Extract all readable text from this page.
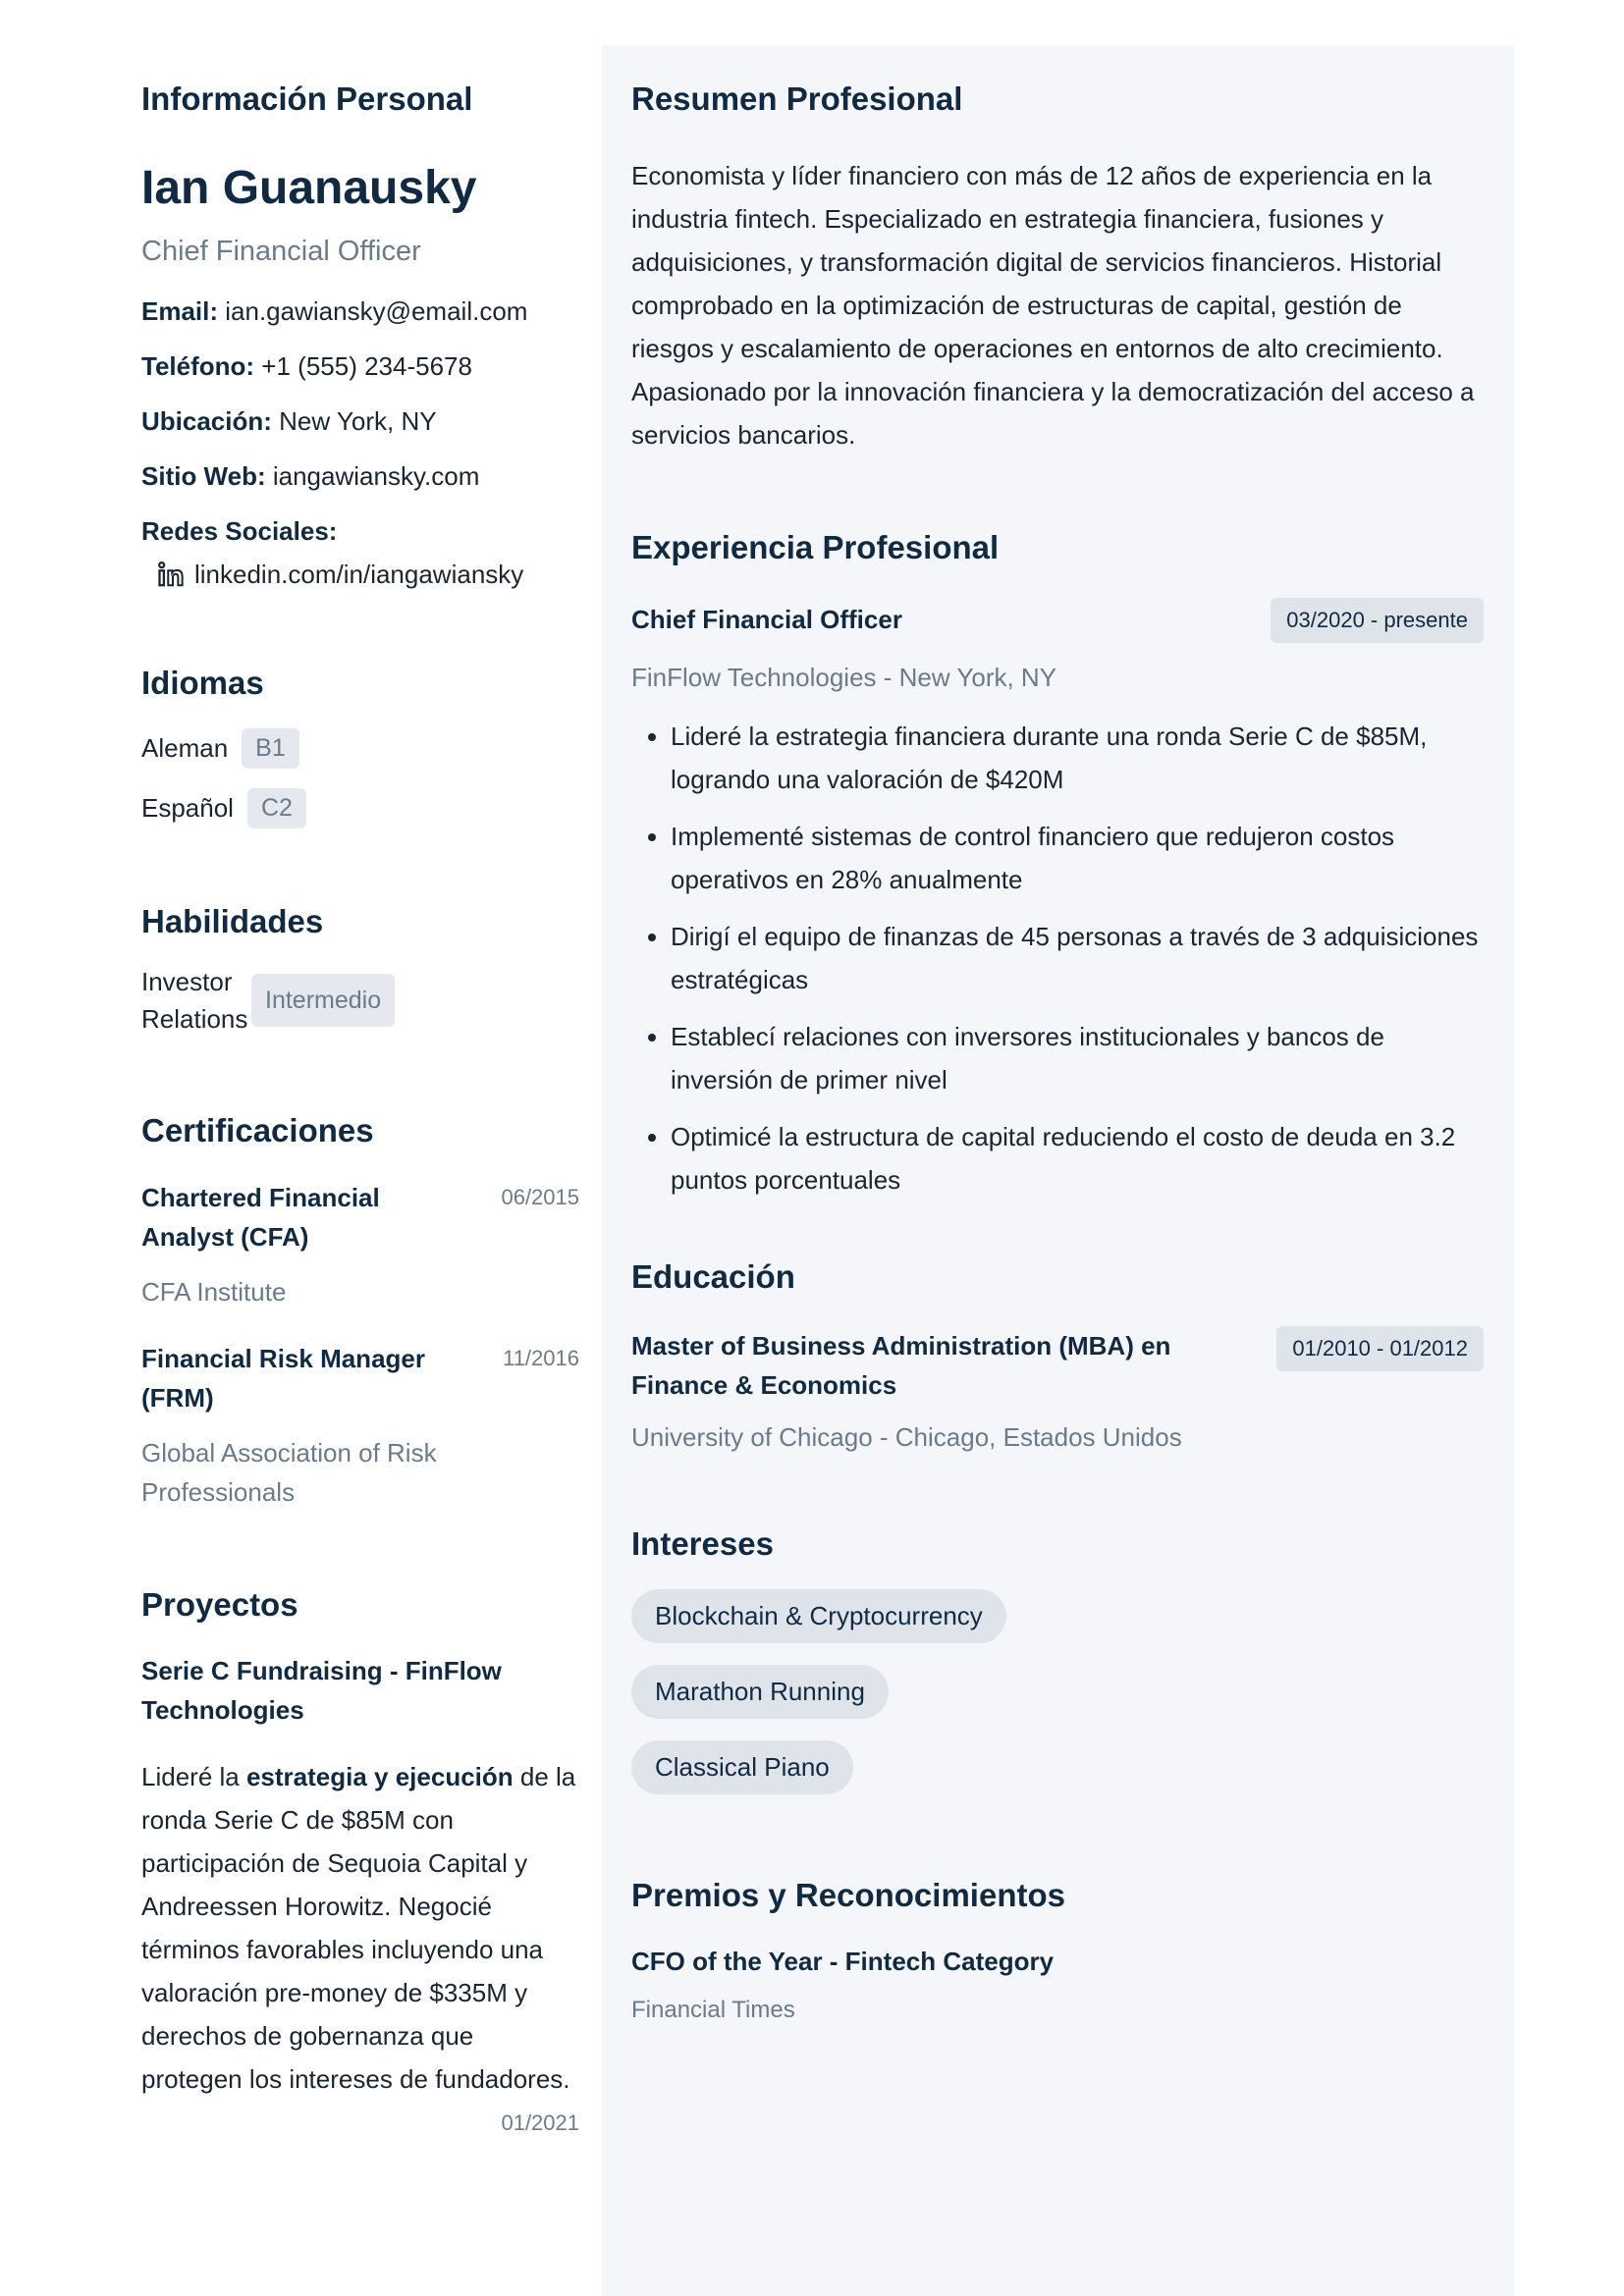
Información Personal
Ian Guanausky
Chief Financial Officer
Email: ian.gawiansky@email.com
Teléfono: +1 (555) 234-5678
Ubicación: New York, NY
Sitio Web: iangawiansky.com
Redes Sociales:
linkedin.com/in/iangawiansky
Idiomas
Aleman	B1
Español	C2
Habilidades
Investor Relations
Intermedio
Certificaciones
Chartered Financial Analyst (CFA)
06/2015
CFA Institute
Financial Risk Manager (FRM)
11/2016
Global Association of Risk Professionals
Proyectos
Serie C Fundraising - FinFlow Technologies
Lideré la estrategia y ejecución de la ronda Serie C de $85M con participación de Sequoia Capital y Andreessen Horowitz. Negocié términos favorables incluyendo una valoración pre-money de $335M y derechos de gobernanza que protegen los intereses de fundadores.
01/2021
Resumen Profesional
Economista y líder financiero con más de 12 años de experiencia en la industria fintech. Especializado en estrategia financiera, fusiones y adquisiciones, y transformación digital de servicios financieros. Historial comprobado en la optimización de estructuras de capital, gestión de riesgos y escalamiento de operaciones en entornos de alto crecimiento. Apasionado por la innovación financiera y la democratización del acceso a servicios bancarios.
Experiencia Profesional
Chief Financial Officer	03/2020 - presente
FinFlow Technologies - New York, NY
• Lideré la estrategia financiera durante una ronda Serie C de $85M, logrando una valoración de $420M
• Implementé sistemas de control financiero que redujeron costos operativos en 28% anualmente
• Dirigí el equipo de finanzas de 45 personas a través de 3 adquisiciones estratégicas
• Establecí relaciones con inversores institucionales y bancos de inversión de primer nivel
• Optimicé la estructura de capital reduciendo el costo de deuda en 3.2 puntos porcentuales
Educación
Master of Business Administration (MBA) en Finance & Economics
01/2010 - 01/2012
University of Chicago - Chicago, Estados Unidos
Intereses
Blockchain & Cryptocurrency
Marathon Running
Classical Piano
Premios y Reconocimientos
CFO of the Year - Fintech Category
Financial Times
